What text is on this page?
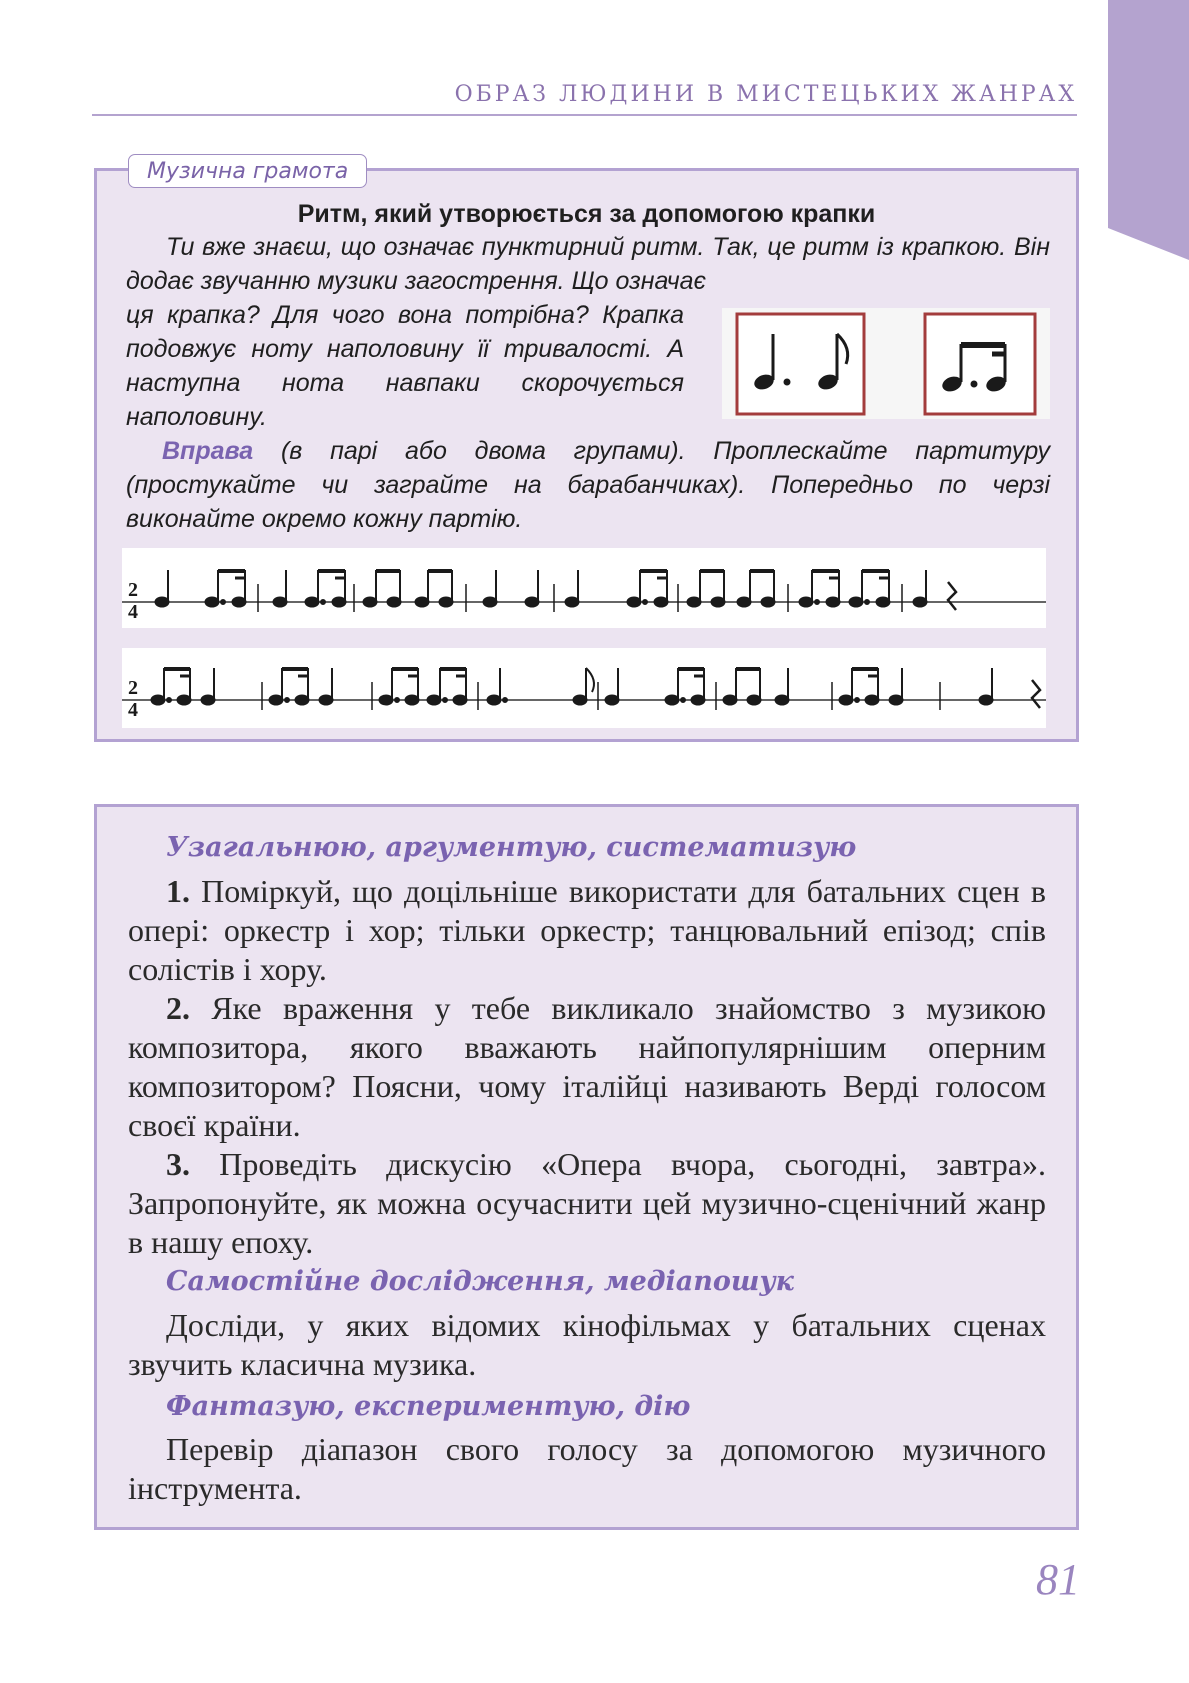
ОБРАЗ ЛЮДИНИ В МИСТЕЦЬКИХ ЖАНРАХ
Музична грамота
Ритм, який утворюється за допомогою крапки
Ти вже знаєш, що означає пунктирний ритм. Так, це ритм із крапкою. Він додає звучанню музики загострення. Що означає
ця крапка? Для чого вона потрібна? Крапка подовжує ноту наполовину її тривалості. А наступна нота навпаки скорочується наполовину.
Вправа (в парі або двома групами). Проплескайте партитуру (простукайте чи заграйте на барабанчиках). Попередньо по черзі виконайте окремо кожну партію.
2
4
2
4
Узагальнюю, аргументую, систематизую
1. Поміркуй, що доцільніше використати для батальних сцен в опері: оркестр і хор; тільки оркестр; танцювальний епізод; спів солістів і хору.
2. Яке враження у тебе викликало знайомство з музикою композитора, якого вважають найпопулярнішим оперним композитором? Поясни, чому італійці називають Верді голосом своєї країни.
3. Проведіть дискусію «Опера вчора, сьогодні, завтра». Запропонуйте, як можна осучаснити цей музично-сценічний жанр в нашу епоху.
Самостійне дослідження, медіапошук
Досліди, у яких відомих кінофільмах у батальних сценах звучить класична музика.
Фантазую, експериментую, дію
Перевір діапазон свого голосу за допомогою музичного інструмента.
81
